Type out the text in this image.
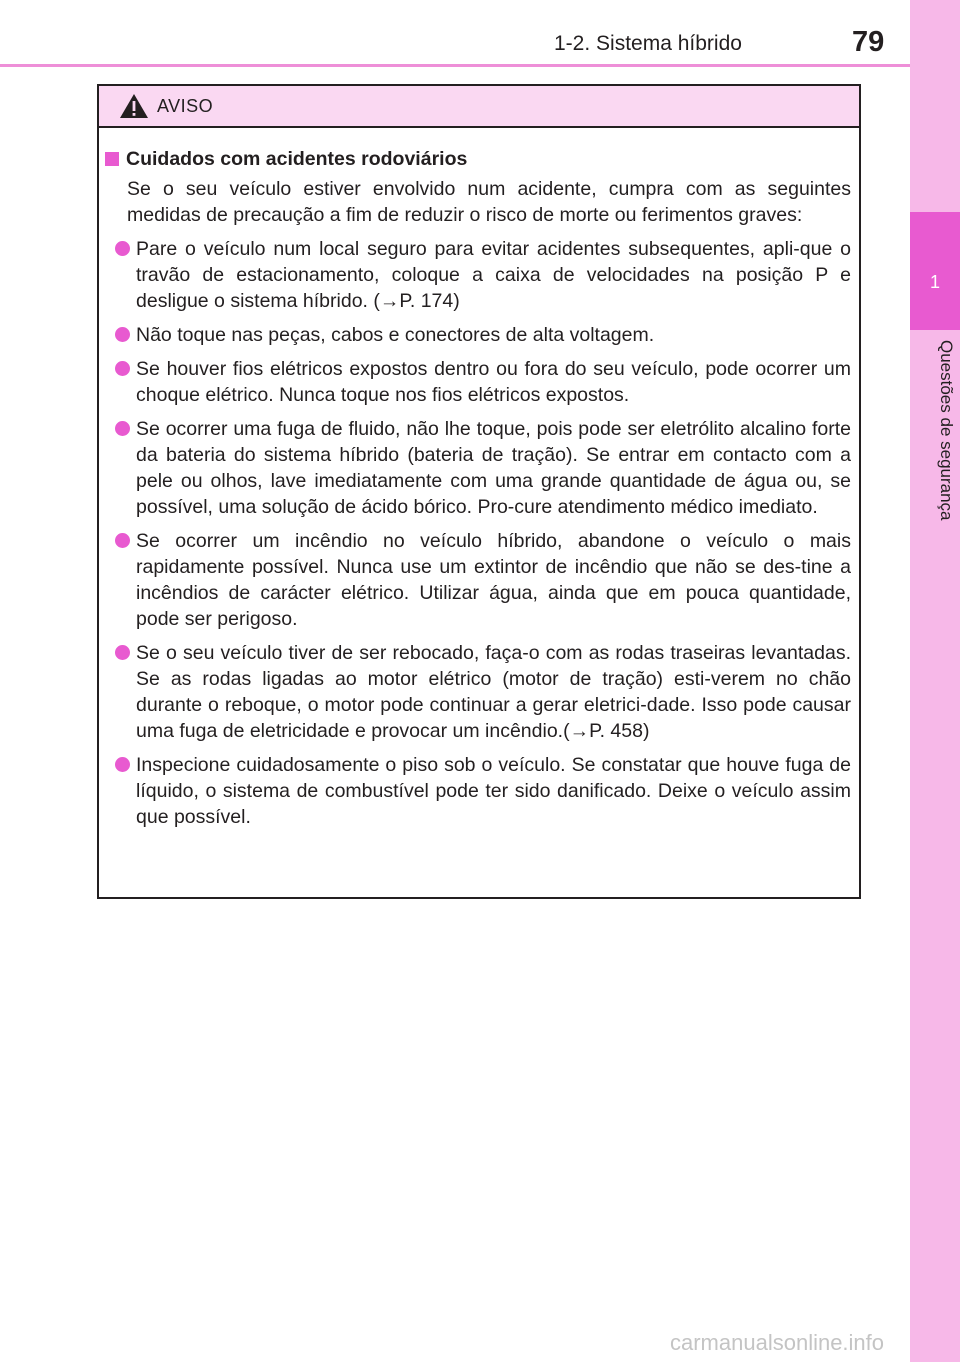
1-2. Sistema híbrido	79
1
Questões de segurança
AVISO
Cuidados com acidentes rodoviários
Se o seu veículo estiver envolvido num acidente, cumpra com as seguintes medidas de precaução a fim de reduzir o risco de morte ou ferimentos graves:
Pare o veículo num local seguro para evitar acidentes subsequentes, apli-que o travão de estacionamento, coloque a caixa de velocidades na posição P e desligue o sistema híbrido. (→P. 174)
Não toque nas peças, cabos e conectores de alta voltagem.
Se houver fios elétricos expostos dentro ou fora do seu veículo, pode ocorrer um choque elétrico. Nunca toque nos fios elétricos expostos.
Se ocorrer uma fuga de fluido, não lhe toque, pois pode ser eletrólito alcalino forte da bateria do sistema híbrido (bateria de tração). Se entrar em contacto com a pele ou olhos, lave imediatamente com uma grande quantidade de água ou, se possível, uma solução de ácido bórico. Pro-cure atendimento médico imediato.
Se ocorrer um incêndio no veículo híbrido, abandone o veículo o mais rapidamente possível. Nunca use um extintor de incêndio que não se des-tine a incêndios de carácter elétrico. Utilizar água, ainda que em pouca quantidade, pode ser perigoso.
Se o seu veículo tiver de ser rebocado, faça-o com as rodas traseiras levantadas. Se as rodas ligadas ao motor elétrico (motor de tração) esti-verem no chão durante o reboque, o motor pode continuar a gerar eletrici-dade. Isso pode causar uma fuga de eletricidade e provocar um incêndio.(→P. 458)
Inspecione cuidadosamente o piso sob o veículo. Se constatar que houve fuga de líquido, o sistema de combustível pode ter sido danificado. Deixe o veículo assim que possível.
carmanualsonline.info
